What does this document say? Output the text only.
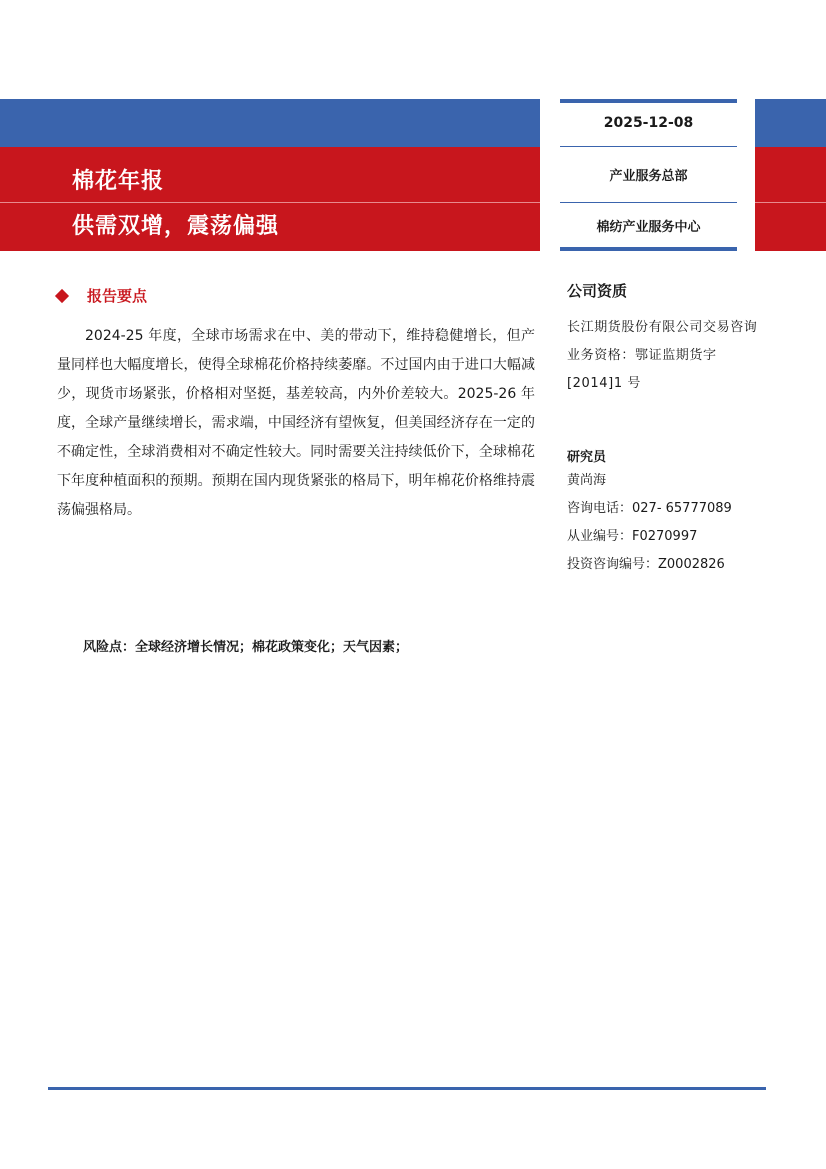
棉花年报
供需双增，震荡偏强
2025-12-08
产业服务总部
棉纺产业服务中心
报告要点

2024-25 年度，全球市场需求在中、美的带动下，维持稳健增长，但产量同样也大幅度增长，使得全球棉花价格持续萎靡。不过国内由于进口大幅减少，现货市场紧张，价格相对坚挺，基差较高，内外价差较大。2025-26 年度，全球产量继续增长，需求端，中国经济有望恢复，但美国经济存在一定的不确定性，全球消费相对不确定性较大。同时需要关注持续低价下，全球棉花下年度种植面积的预期。预期在国内现货紧张的格局下，明年棉花价格维持震荡偏强格局。

风险点：全球经济增长情况；棉花政策变化；天气因素；
公司资质
长江期货股份有限公司交易咨询业务资格：鄂证监期货字[2014]1 号
研究员
黄尚海
咨询电话：027- 65777089
从业编号：F0270997
投资咨询编号：Z0002826
